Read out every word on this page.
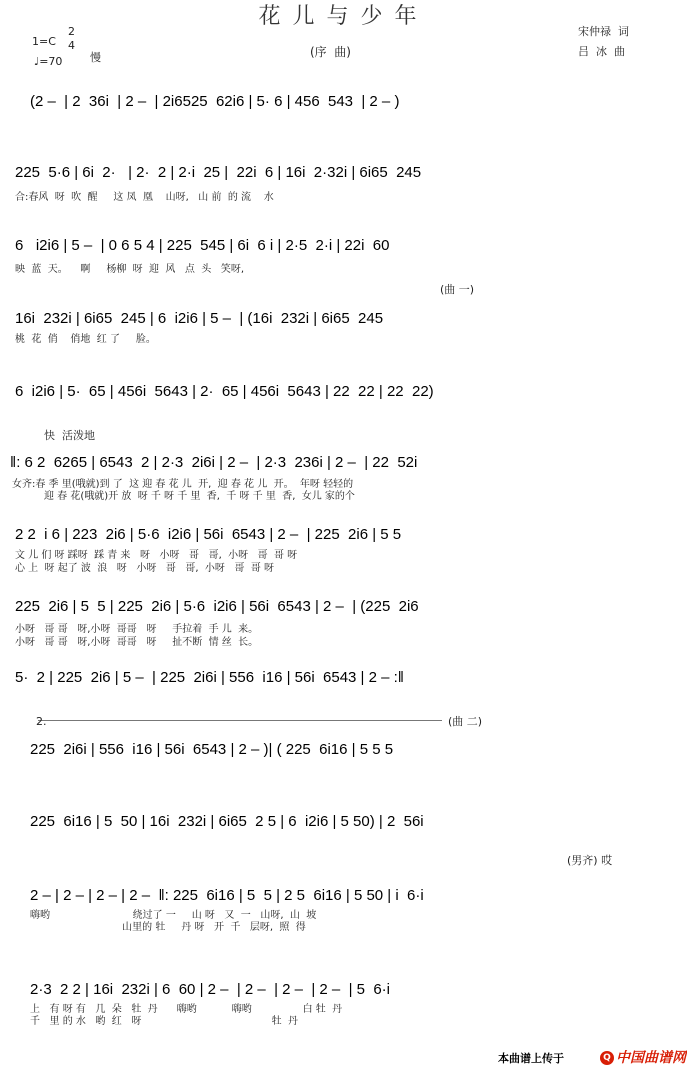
花儿与少年
1=C
2
4
♩=70	慢
宋仲禄  词
吕  冰  曲
(序  曲)
(2 –  | 2  36i  | 2 –  | 2i6525  62i6 | 5· 6 | 456  543  | 2 – )
225  5·6 | 6i  2·   | 2·  2 | 2·i  25 |  22i  6 | 16i  2·32i | 6i65  245
合:春风  呀  吹  醒     这 凤  凰    山呀,   山 前  的 流    水
6   i2i6 | 5 –  | 0 6 5 4 | 225  545 | 6i  6 i | 2·5  2·i | 22i  60
映  蓝  天。    啊     杨柳  呀  迎  风   点  头   笑呀,
(曲 一)
16i  232i | 6i65  245 | 6  i2i6 | 5 –  | (16i  232i | 6i65  245
桃  花  俏    俏地  红 了     脸。
6  i2i6 | 5·  65 | 456i  5643 | 2·  65 | 456i  5643 | 22  22 | 22  22)
快  活泼地
‖: 6 2  6265 | 6543  2 | 2·3  2i6i | 2 –  | 2·3  236i | 2 –  | 22  52i
女齐:春 季 里(哦就)到 了  这 迎 春 花 儿  开,  迎 春 花 儿  开。  年呀 轻轻的
迎 春 花(哦就)开 放  呀 千 呀 千 里  香,  千 呀 千 里  香,  女儿 家的个
2 2  i 6 | 223  2i6 | 5·6  i2i6 | 56i  6543 | 2 –  | 225  2i6 | 5 5
文 儿 们 呀 踩呀  踩 青 来   呀   小呀   哥   哥,  小呀   哥  哥 呀
心 上  呀 起了 波  浪   呀   小呀   哥   哥,  小呀   哥  哥 呀
225  2i6 | 5  5 | 225  2i6 | 5·6  i2i6 | 56i  6543 | 2 –  | (225  2i6
小呀   哥 哥   呀,小呀  哥哥   呀     手拉着  手 儿  来。
小呀   哥 哥   呀,小呀  哥哥   呀     扯不断  情 丝  长。
5·  2 | 225  2i6 | 5 –  | 225  2i6i | 556  i16 | 56i  6543 | 2 – :‖
2.	(曲 二)
225  2i6i | 556  i16 | 56i  6543 | 2 – )| ( 225  6i16 | 5 5 5
225  6i16 | 5  50 | 16i  232i | 6i65  2 5 | 6  i2i6 | 5 50) | 2  56i
(男齐) 哎
2 – | 2 – | 2 – | 2 –  ‖: 225  6i16 | 5  5 | 2 5  6i16 | 5 50 | i  6·i
嗨哟                          绕过了 一     山 呀   又  一   山呀,  山  坡
山里的 牡     丹 呀   开  千   层呀,  照  得
2·3  2 2 | 16i  232i | 6  60 | 2 –  | 2 –  | 2 –  | 2 –  | 5  6·i
上   有 呀 有   几  朵   牡  丹      嗨哟           嗨哟                白 牡  丹
千   里 的 水   哟  红   呀                                         牡  丹
本曲谱上传于	Q 中国曲谱网
